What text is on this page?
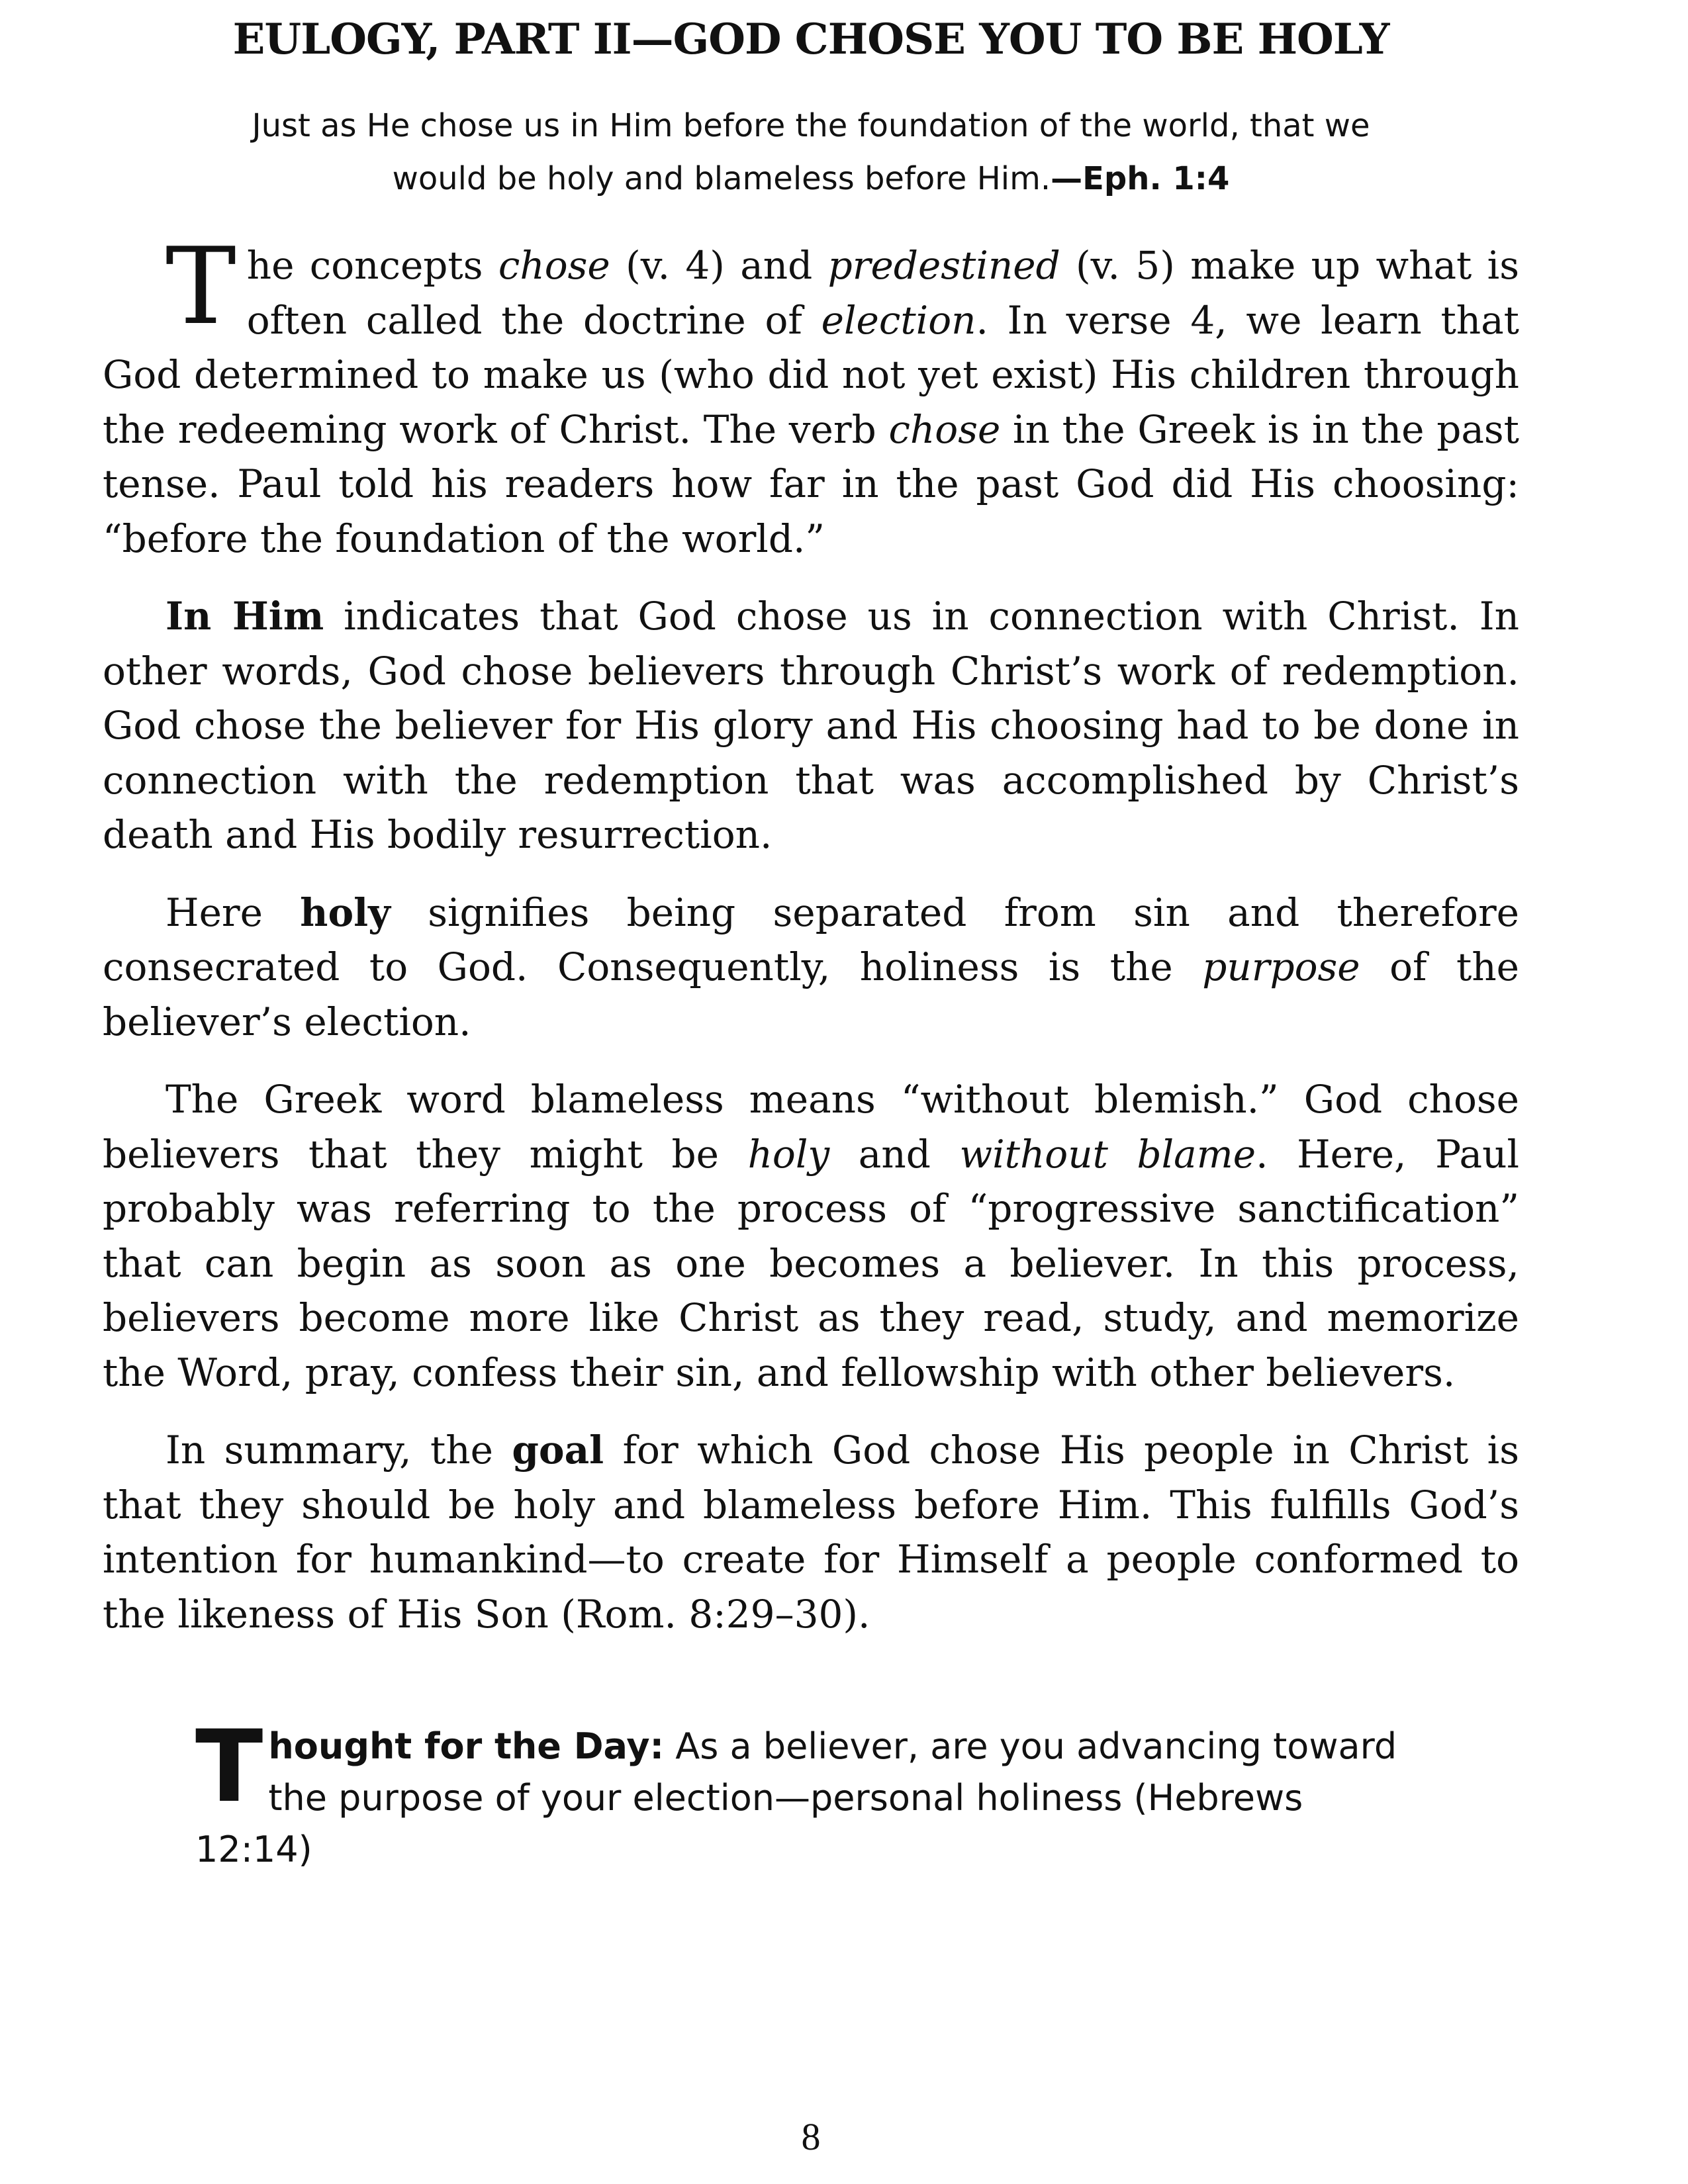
EULOGY, PART II—GOD CHOSE YOU TO BE HOLY
Just as He chose us in Him before the foundation of the world, that we
would be holy and blameless before Him.—Eph. 1:4

The concepts chose (v. 4) and predestined (v. 5) make up what is often called the doctrine of election. In verse 4, we learn that God determined to make us (who did not yet exist) His children through the redeeming work of Christ. The verb chose in the Greek is in the past tense. Paul told his readers how far in the past God did His choosing: “before the foundation of the world.”

In Him indicates that God chose us in connection with Christ. In other words, God chose believers through Christ’s work of redemption. God chose the believer for His glory and His choosing had to be done in connection with the redemption that was accomplished by Christ’s death and His bodily resurrection.

Here holy signifies being separated from sin and therefore consecrated to God. Consequently, holiness is the purpose of the believer’s election.

The Greek word blameless means “without blemish.” God chose believers that they might be holy and without blame. Here, Paul probably was referring to the process of “progressive sanctification” that can begin as soon as one becomes a believer. In this process, believers become more like Christ as they read, study, and memorize the Word, pray, confess their sin, and fellowship with other believers.

In summary, the goal for which God chose His people in Christ is that they should be holy and blameless before Him. This fulfills God’s intention for humankind—to create for Himself a people conformed to the likeness of His Son (Rom. 8:29–30).

Thought for the Day: As a believer, are you advancing toward the purpose of your election—personal holiness (Hebrews 12:14)
8
